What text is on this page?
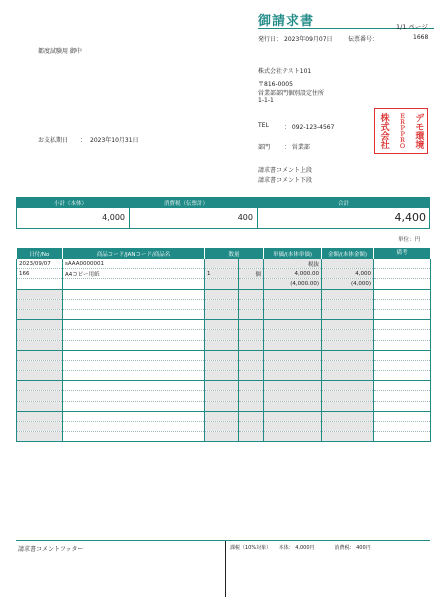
御請求書	1/1 ページ
発行日： 2023年09月07日	伝票番号：	1668
都度試験用 御中
株式会社テスト101
〒816-0005
営業部部門個別設定住所
1-1-1
TEL	： 092-123-4567
部門 ： 営業部
請求書コメント上段
請求書コメント下段
株式会社	ＥＲＰＰＲＯ デモ環境
お支払期日 ： 2023年10月31日
小計（本体）	消費税（伝票計）	合計
4,000	400	4,400
単位：円
日付/No	商品コード/JANコード/商品名	数量		単価/(本体単価)	金額/(本体金額)	備考
2023/09/07	sAAA0000001			税抜		
166	A4コピー用紙	1	個	4,000.00	4,000	
				(4,000.00)	(4,000)	

請求書コメントフッター	課税（10%対象）　　本体： 4,000円　　　　消費税： 400円
